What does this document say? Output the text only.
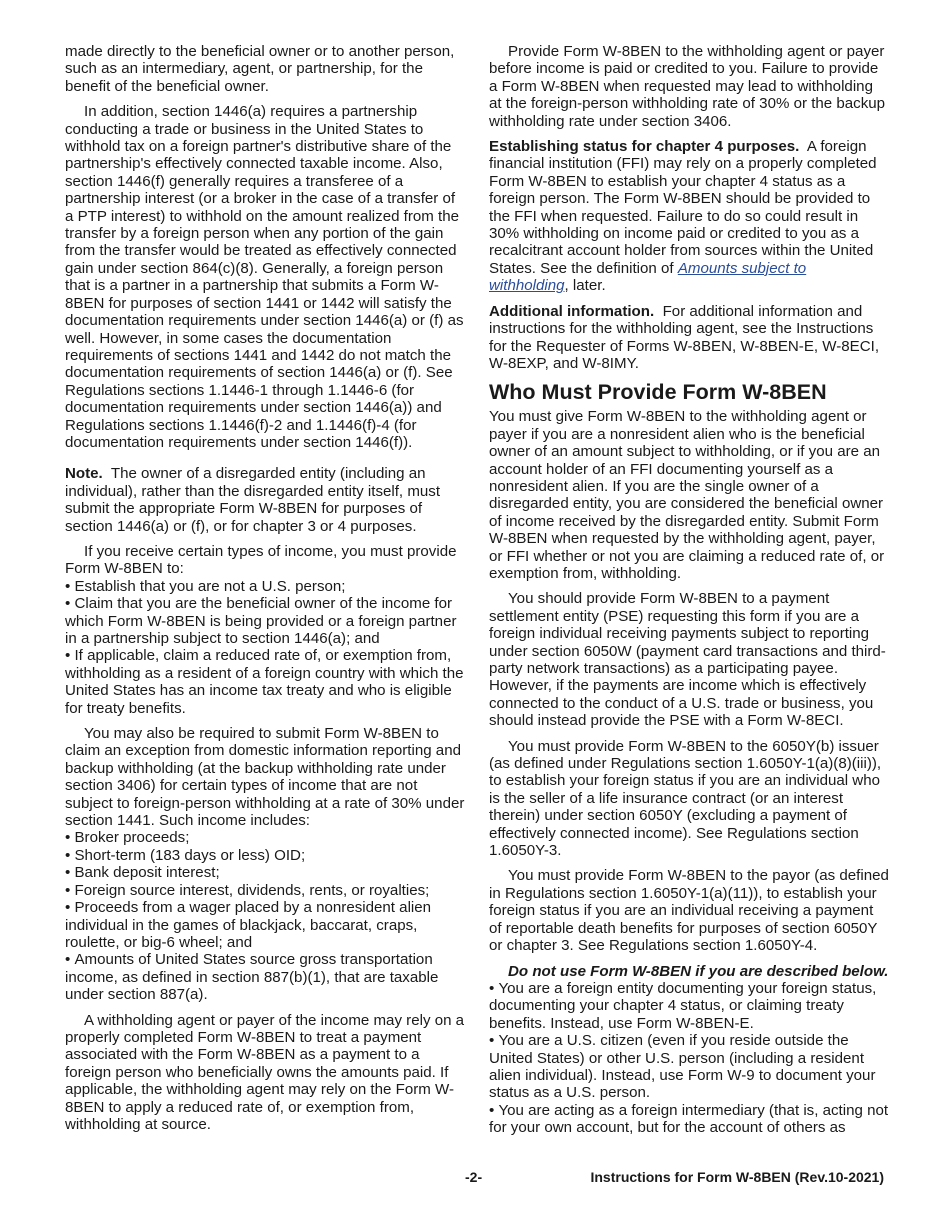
made directly to the beneficial owner or to another person, such as an intermediary, agent, or partnership, for the benefit of the beneficial owner.

In addition, section 1446(a) requires a partnership conducting a trade or business in the United States to withhold tax on a foreign partner's distributive share of the partnership's effectively connected taxable income. Also, section 1446(f) generally requires a transferee of a partnership interest (or a broker in the case of a transfer of a PTP interest) to withhold on the amount realized from the transfer by a foreign person when any portion of the gain from the transfer would be treated as effectively connected gain under section 864(c)(8). Generally, a foreign person that is a partner in a partnership that submits a Form W-8BEN for purposes of section 1441 or 1442 will satisfy the documentation requirements under section 1446(a) or (f) as well. However, in some cases the documentation requirements of sections 1441 and 1442 do not match the documentation requirements of section 1446(a) or (f). See Regulations sections 1.1446-1 through 1.1446-6 (for documentation requirements under section 1446(a)) and Regulations sections 1.1446(f)-2 and 1.1446(f)-4 (for documentation requirements under section 1446(f)).

Note. The owner of a disregarded entity (including an individual), rather than the disregarded entity itself, must submit the appropriate Form W-8BEN for purposes of section 1446(a) or (f), or for chapter 3 or 4 purposes.

If you receive certain types of income, you must provide Form W-8BEN to:

• Establish that you are not a U.S. person;

• Claim that you are the beneficial owner of the income for which Form W-8BEN is being provided or a foreign partner in a partnership subject to section 1446(a); and

• If applicable, claim a reduced rate of, or exemption from, withholding as a resident of a foreign country with which the United States has an income tax treaty and who is eligible for treaty benefits.

You may also be required to submit Form W-8BEN to claim an exception from domestic information reporting and backup withholding (at the backup withholding rate under section 3406) for certain types of income that are not subject to foreign-person withholding at a rate of 30% under section 1441. Such income includes:

• Broker proceeds;

• Short-term (183 days or less) OID;

• Bank deposit interest;

• Foreign source interest, dividends, rents, or royalties;

• Proceeds from a wager placed by a nonresident alien individual in the games of blackjack, baccarat, craps, roulette, or big-6 wheel; and

• Amounts of United States source gross transportation income, as defined in section 887(b)(1), that are taxable under section 887(a).

A withholding agent or payer of the income may rely on a properly completed Form W-8BEN to treat a payment associated with the Form W-8BEN as a payment to a foreign person who beneficially owns the amounts paid. If applicable, the withholding agent may rely on the Form W-8BEN to apply a reduced rate of, or exemption from, withholding at source.

Provide Form W-8BEN to the withholding agent or payer before income is paid or credited to you. Failure to provide a Form W-8BEN when requested may lead to withholding at the foreign-person withholding rate of 30% or the backup withholding rate under section 3406.

Establishing status for chapter 4 purposes. A foreign financial institution (FFI) may rely on a properly completed Form W-8BEN to establish your chapter 4 status as a foreign person. The Form W-8BEN should be provided to the FFI when requested. Failure to do so could result in 30% withholding on income paid or credited to you as a recalcitrant account holder from sources within the United States. See the definition of Amounts subject to withholding, later.

Additional information. For additional information and instructions for the withholding agent, see the Instructions for the Requester of Forms W-8BEN, W-8BEN-E, W-8ECI, W-8EXP, and W-8IMY.

Who Must Provide Form W-8BEN

You must give Form W-8BEN to the withholding agent or payer if you are a nonresident alien who is the beneficial owner of an amount subject to withholding, or if you are an account holder of an FFI documenting yourself as a nonresident alien. If you are the single owner of a disregarded entity, you are considered the beneficial owner of income received by the disregarded entity. Submit Form W-8BEN when requested by the withholding agent, payer, or FFI whether or not you are claiming a reduced rate of, or exemption from, withholding.

You should provide Form W-8BEN to a payment settlement entity (PSE) requesting this form if you are a foreign individual receiving payments subject to reporting under section 6050W (payment card transactions and third-party network transactions) as a participating payee. However, if the payments are income which is effectively connected to the conduct of a U.S. trade or business, you should instead provide the PSE with a Form W-8ECI.

You must provide Form W-8BEN to the 6050Y(b) issuer (as defined under Regulations section 1.6050Y-1(a)(8)(iii)), to establish your foreign status if you are an individual who is the seller of a life insurance contract (or an interest therein) under section 6050Y (excluding a payment of effectively connected income). See Regulations section 1.6050Y-3.

You must provide Form W-8BEN to the payor (as defined in Regulations section 1.6050Y-1(a)(11)), to establish your foreign status if you are an individual receiving a payment of reportable death benefits for purposes of section 6050Y or chapter 3. See Regulations section 1.6050Y-4.

Do not use Form W-8BEN if you are described below.

• You are a foreign entity documenting your foreign status, documenting your chapter 4 status, or claiming treaty benefits. Instead, use Form W-8BEN-E.

• You are a U.S. citizen (even if you reside outside the United States) or other U.S. person (including a resident alien individual). Instead, use Form W-9 to document your status as a U.S. person.

• You are acting as a foreign intermediary (that is, acting not for your own account, but for the account of others as

-2-	Instructions for Form W-8BEN (Rev.10-2021)
